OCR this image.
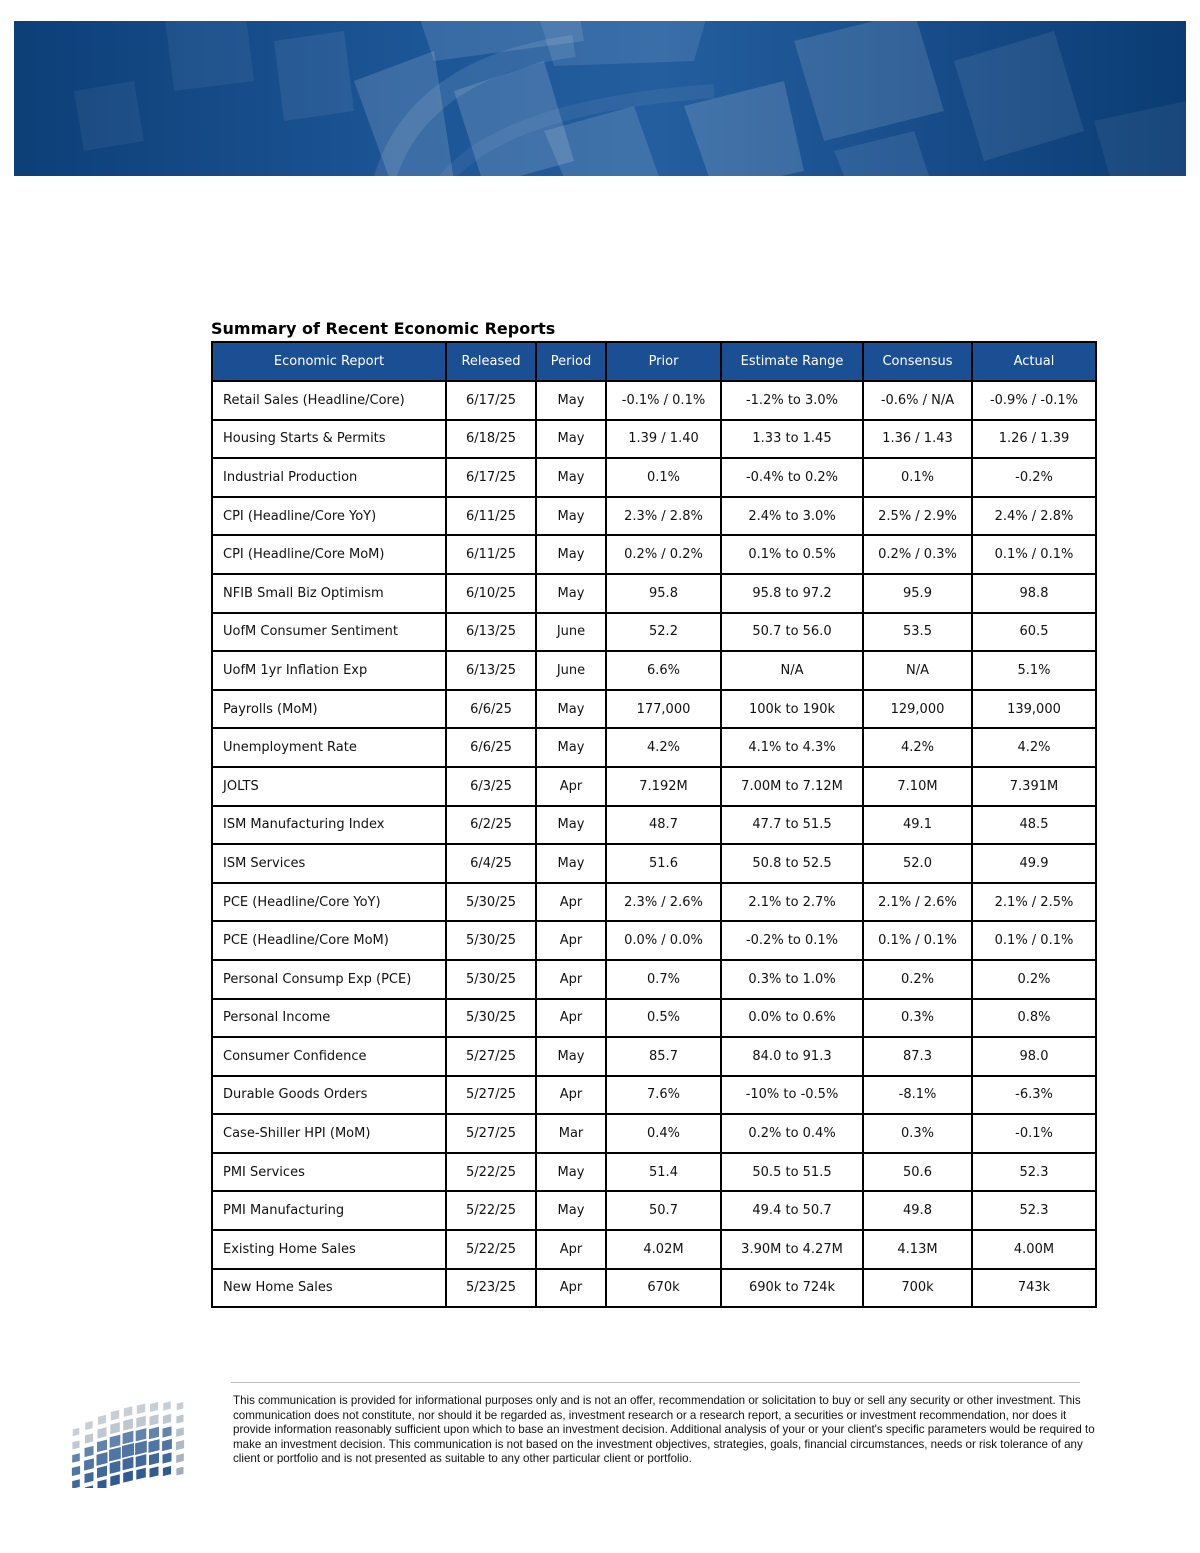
Summary of Recent Economic Reports
Economic Report	Released	Period	Prior	Estimate Range	Consensus	Actual
Retail Sales (Headline/Core)	6/17/25	May	-0.1% / 0.1%	-1.2% to 3.0%	-0.6% / N/A	-0.9% / -0.1%
Housing Starts & Permits	6/18/25	May	1.39 / 1.40	1.33 to 1.45	1.36 / 1.43	1.26 / 1.39
Industrial Production	6/17/25	May	0.1%	-0.4% to 0.2%	0.1%	-0.2%
CPI (Headline/Core YoY)	6/11/25	May	2.3% / 2.8%	2.4% to 3.0%	2.5% / 2.9%	2.4% / 2.8%
CPI (Headline/Core MoM)	6/11/25	May	0.2% / 0.2%	0.1% to 0.5%	0.2% / 0.3%	0.1% / 0.1%
NFIB Small Biz Optimism	6/10/25	May	95.8	95.8 to 97.2	95.9	98.8
UofM Consumer Sentiment	6/13/25	June	52.2	50.7 to 56.0	53.5	60.5
UofM 1yr Inflation Exp	6/13/25	June	6.6%	N/A	N/A	5.1%
Payrolls (MoM)	6/6/25	May	177,000	100k to 190k	129,000	139,000
Unemployment Rate	6/6/25	May	4.2%	4.1% to 4.3%	4.2%	4.2%
JOLTS	6/3/25	Apr	7.192M	7.00M to 7.12M	7.10M	7.391M
ISM Manufacturing Index	6/2/25	May	48.7	47.7 to 51.5	49.1	48.5
ISM Services	6/4/25	May	51.6	50.8 to 52.5	52.0	49.9
PCE (Headline/Core YoY)	5/30/25	Apr	2.3% / 2.6%	2.1% to 2.7%	2.1% / 2.6%	2.1% / 2.5%
PCE (Headline/Core MoM)	5/30/25	Apr	0.0% / 0.0%	-0.2% to 0.1%	0.1% / 0.1%	0.1% / 0.1%
Personal Consump Exp (PCE)	5/30/25	Apr	0.7%	0.3% to 1.0%	0.2%	0.2%
Personal Income	5/30/25	Apr	0.5%	0.0% to 0.6%	0.3%	0.8%
Consumer Confidence	5/27/25	May	85.7	84.0 to 91.3	87.3	98.0
Durable Goods Orders	5/27/25	Apr	7.6%	-10% to -0.5%	-8.1%	-6.3%
Case-Shiller HPI (MoM)	5/27/25	Mar	0.4%	0.2% to 0.4%	0.3%	-0.1%
PMI Services	5/22/25	May	51.4	50.5 to 51.5	50.6	52.3
PMI Manufacturing	5/22/25	May	50.7	49.4 to 50.7	49.8	52.3
Existing Home Sales	5/22/25	Apr	4.02M	3.90M to 4.27M	4.13M	4.00M
New Home Sales	5/23/25	Apr	670k	690k to 724k	700k	743k

This communication is provided for informational purposes only and is not an offer, recommendation or solicitation to buy or sell any security or other investment. This communication does not constitute, nor should it be regarded as, investment research or a research report, a securities or investment recommendation, nor does it provide information reasonably sufficient upon which to base an investment decision. Additional analysis of your or your client's specific parameters would be required to make an investment decision. This communication is not based on the investment objectives, strategies, goals, financial circumstances, needs or risk tolerance of any client or portfolio and is not presented as suitable to any other particular client or portfolio.
